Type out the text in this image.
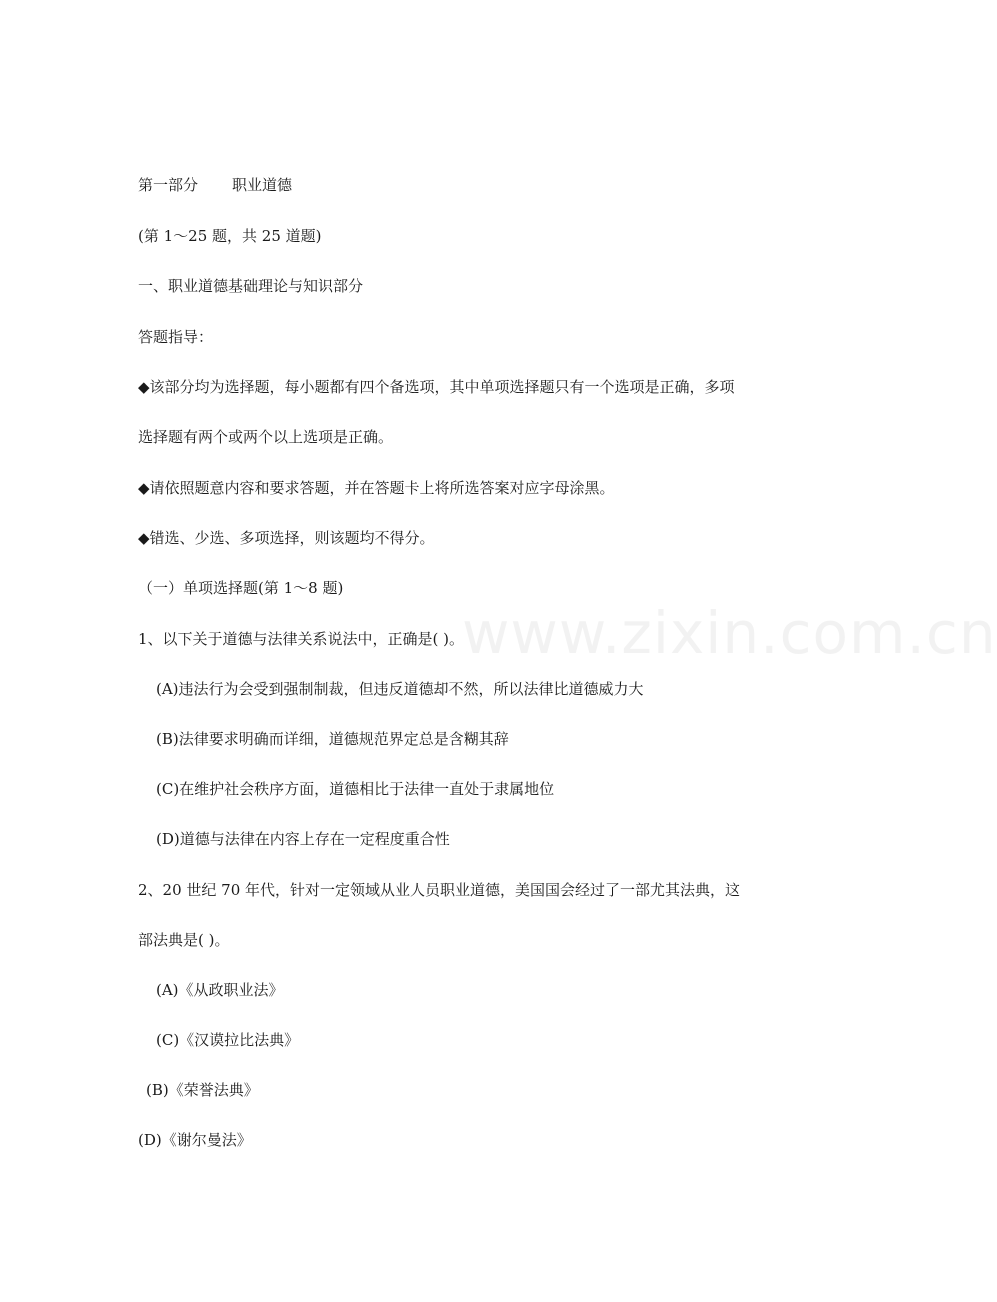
www.zixin.com.cn
第一部分 职业道德
(第 1～25 题，共 25 道题)
一、职业道德基础理论与知识部分
答题指导：
◆该部分均为选择题，每小题都有四个备选项，其中单项选择题只有一个选项是正确，多项
选择题有两个或两个以上选项是正确。
◆请依照题意内容和要求答题，并在答题卡上将所选答案对应字母涂黑。
◆错选、少选、多项选择，则该题均不得分。
（一）单项选择题(第 1～8 题)
1、以下关于道德与法律关系说法中，正确是( )。
(A)违法行为会受到强制制裁，但违反道德却不然，所以法律比道德威力大
(B)法律要求明确而详细，道德规范界定总是含糊其辞
(C)在维护社会秩序方面，道德相比于法律一直处于隶属地位
(D)道德与法律在内容上存在一定程度重合性
2、20 世纪 70 年代，针对一定领域从业人员职业道德，美国国会经过了一部尤其法典，这
部法典是( )。
(A)《从政职业法》
(C)《汉谟拉比法典》
(B)《荣誉法典》
(D)《谢尔曼法》
